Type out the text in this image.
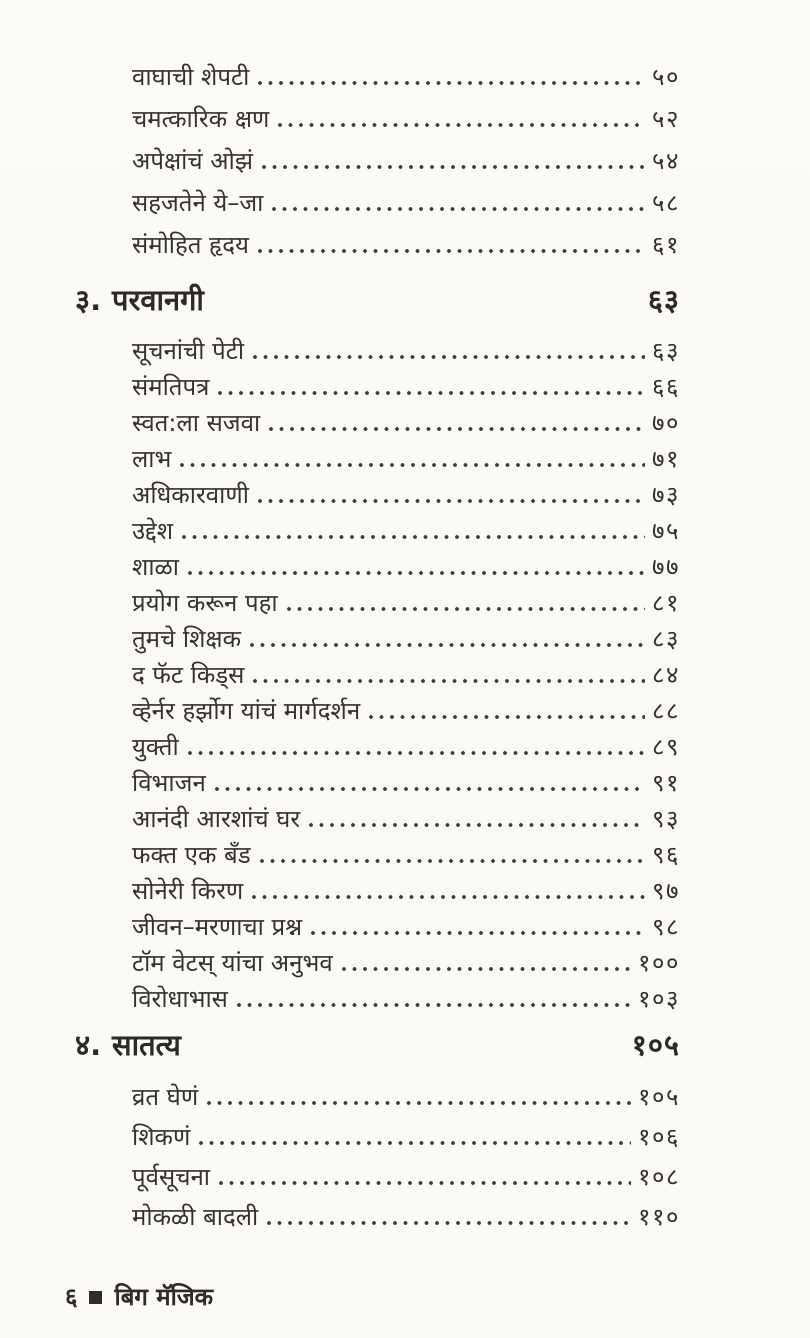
वाघाची शेपटी	५०
चमत्कारिक क्षण	५२
अपेक्षांचं ओझं	५४
सहजतेने ये–जा	५८
संमोहित हृदय	६१
३. परवानगी	६३
सूचनांची पेटी	६३
संमतिपत्र	६६
स्वत:ला सजवा	७०
लाभ	७१
अधिकारवाणी	७३
उद्देश	७५
शाळा	७७
प्रयोग करून पहा	८१
तुमचे शिक्षक	८३
द फॅट किड्स	८४
व्हेर्नर हर्झोग यांचं मार्गदर्शन	८८
युक्ती	८९
विभाजन	९१
आनंदी आरशांचं घर	९३
फक्त एक बँड	९६
सोनेरी किरण	९७
जीवन–मरणाचा प्रश्न	९८
टॉम वेटस् यांचा अनुभव	१००
विरोधाभास	१०३
४. सातत्य	१०५
व्रत घेणं	१०५
शिकणं	१०६
पूर्वसूचना	१०८
मोकळी बादली	११०
६ बिग मॅजिक
